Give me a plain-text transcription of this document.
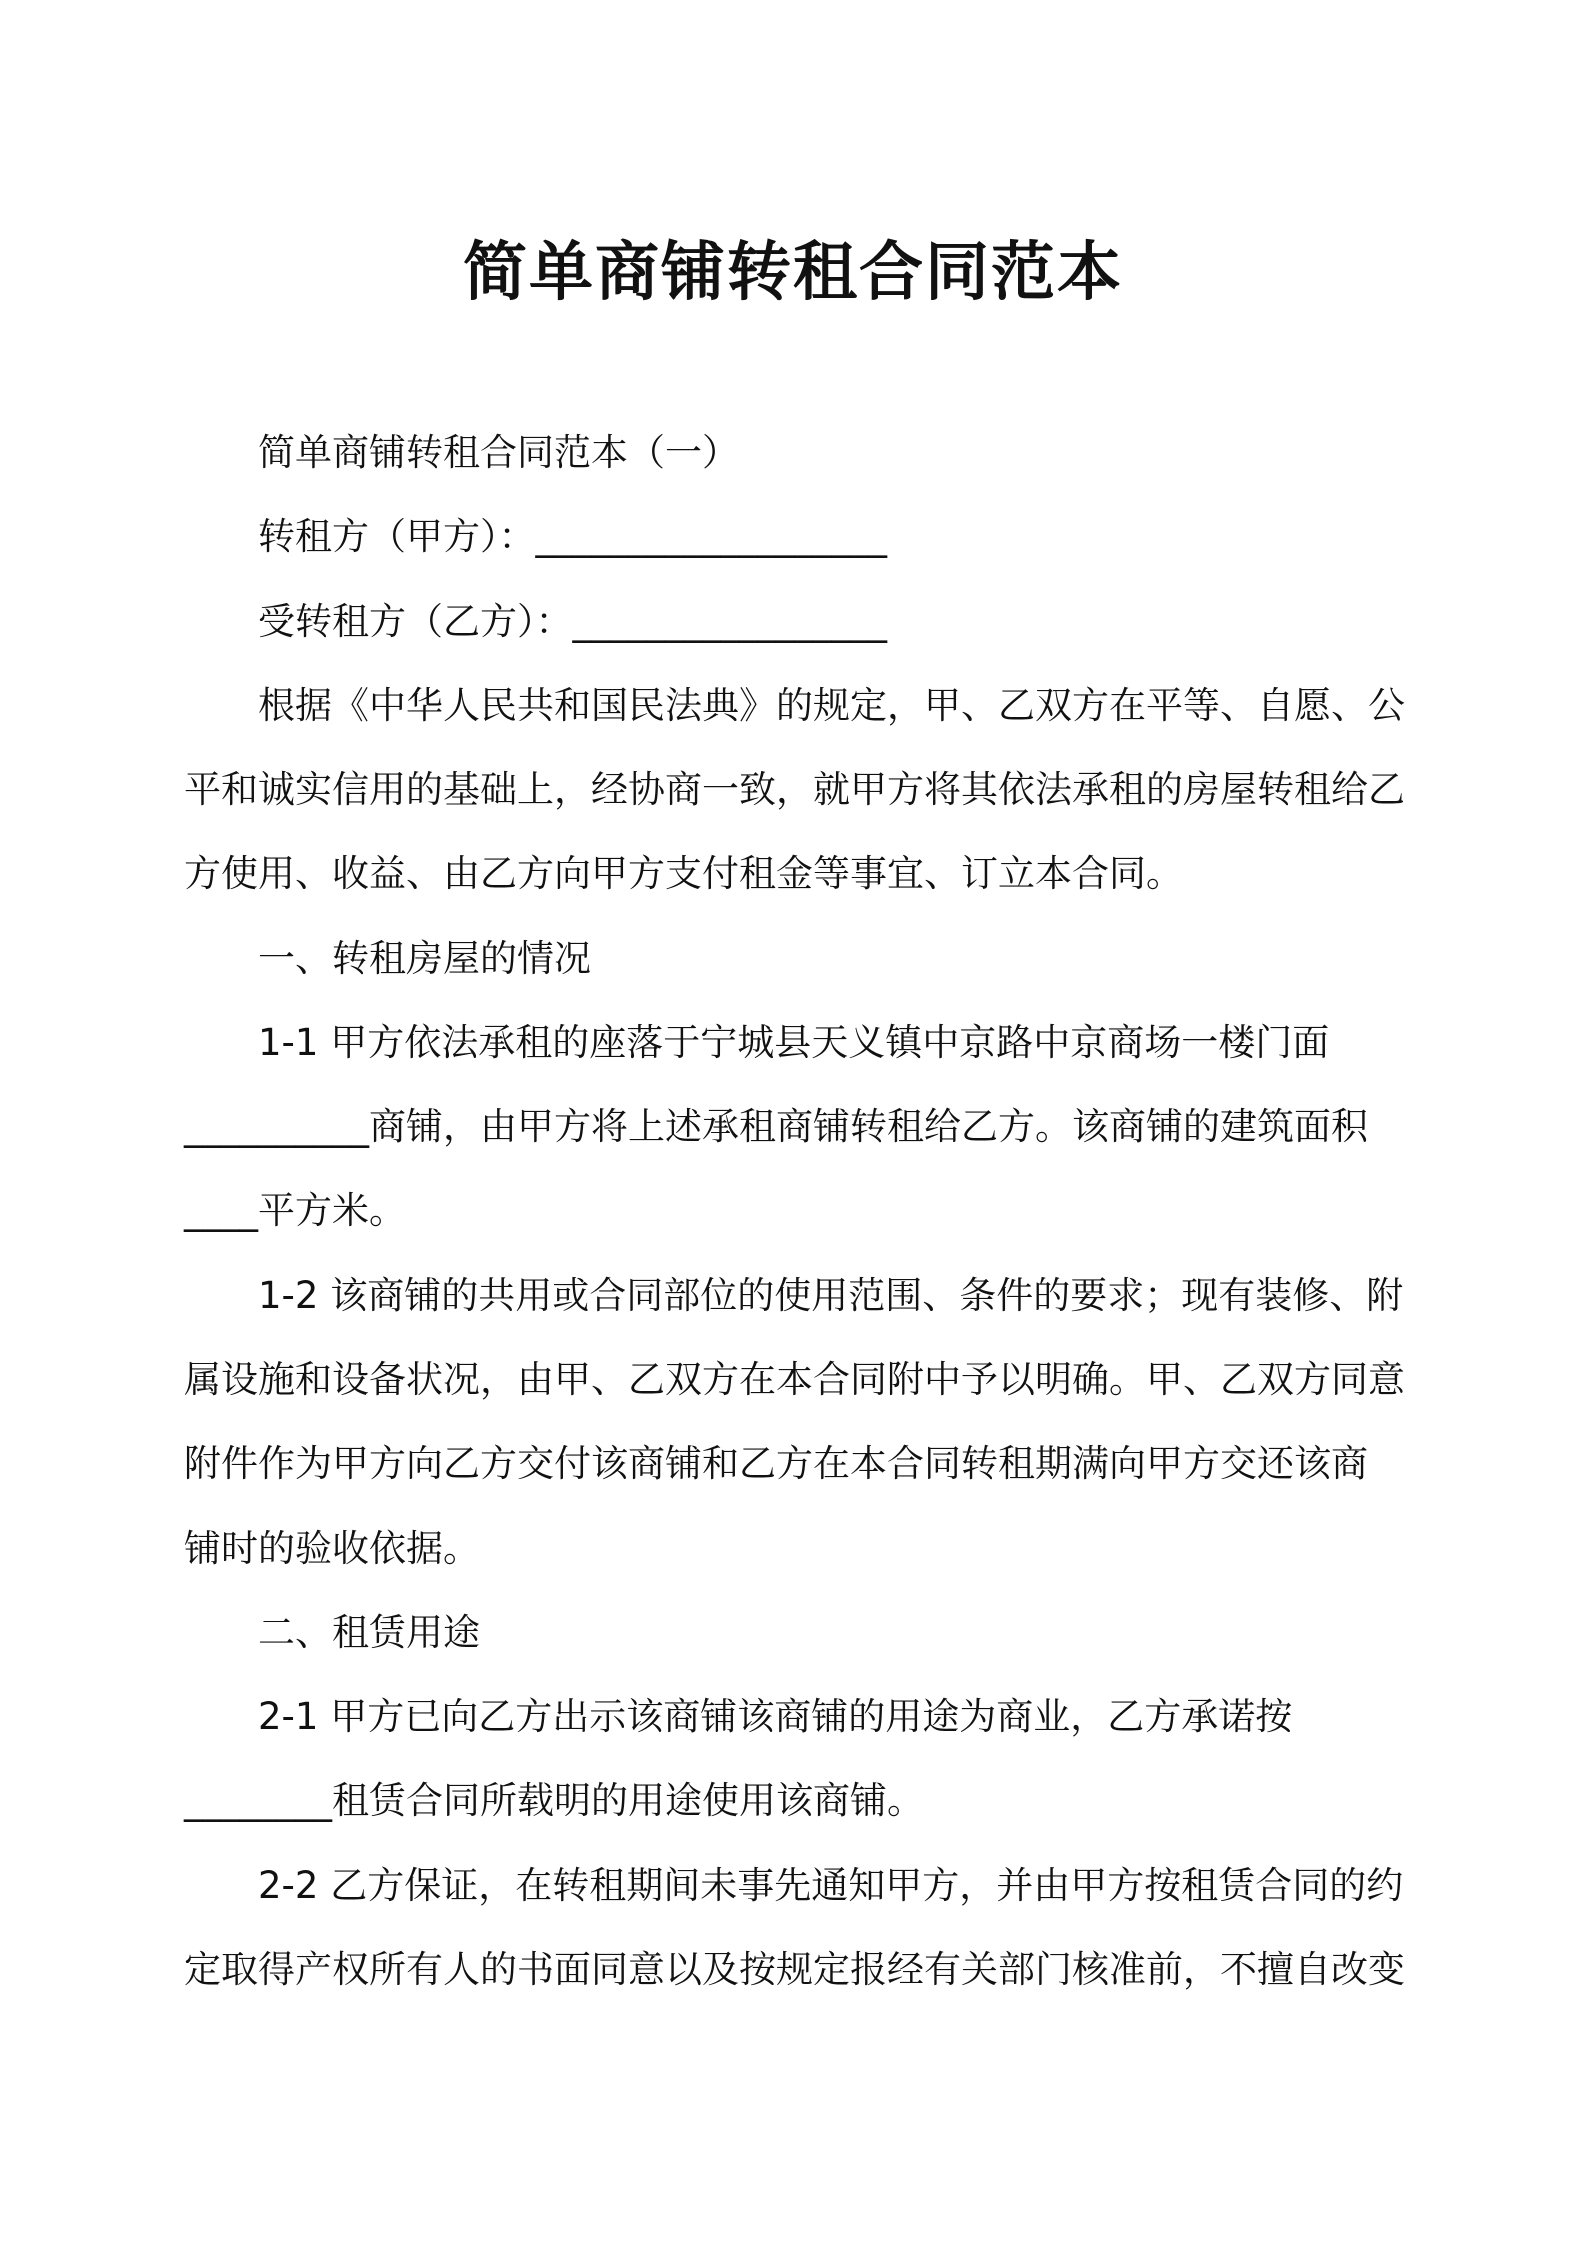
简单商铺转租合同范本

简单商铺转租合同范本（一）

转租方（甲方）：___________________

受转租方（乙方）：_________________

根据《中华人民共和国民法典》的规定，甲、乙双方在平等、自愿、公

平和诚实信用的基础上，经协商一致，就甲方将其依法承租的房屋转租给乙

方使用、收益、由乙方向甲方支付租金等事宜、订立本合同。

一、转租房屋的情况

1-1 甲方依法承租的座落于宁城县天义镇中京路中京商场一楼门面

__________商铺，由甲方将上述承租商铺转租给乙方。该商铺的建筑面积

____平方米。

1-2 该商铺的共用或合同部位的使用范围、条件的要求；现有装修、附

属设施和设备状况，由甲、乙双方在本合同附中予以明确。甲、乙双方同意

附件作为甲方向乙方交付该商铺和乙方在本合同转租期满向甲方交还该商

铺时的验收依据。

二、租赁用途

2-1 甲方已向乙方出示该商铺该商铺的用途为商业，乙方承诺按

________租赁合同所载明的用途使用该商铺。

2-2 乙方保证，在转租期间未事先通知甲方，并由甲方按租赁合同的约

定取得产权所有人的书面同意以及按规定报经有关部门核准前，不擅自改变
